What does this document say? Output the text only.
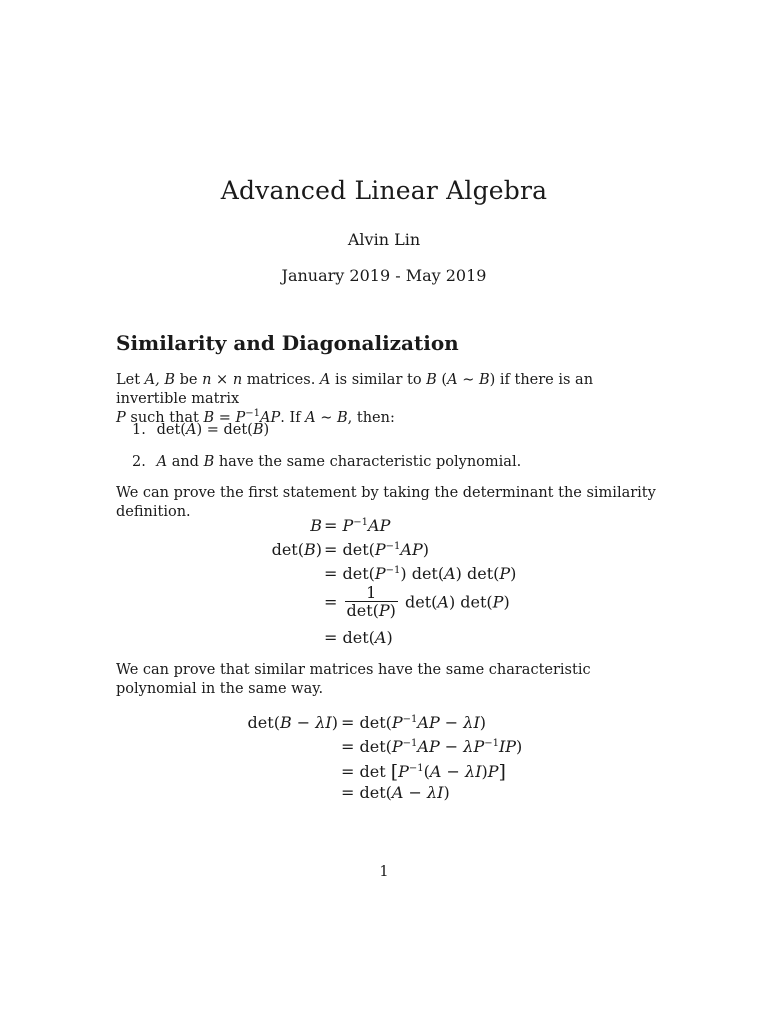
Advanced Linear Algebra
Alvin Lin
January 2019 - May 2019
Similarity and Diagonalization
Let A, B be n × n matrices. A is similar to B (A ∼ B) if there is an invertible matrix
P such that $B = P^{-1}AP$. If A ∼ B, then:
1. det(A) = det(B)
2. A and B have the same characteristic polynomial.
We can prove the first statement by taking the determinant the similarity definition.
$B = P^{-1}AP$
$\det(B) = \det(P^{-1}AP)$
= $\det(P^{-1})$ det(A) det(P)
= $\frac{1}{\det(P)} \det(A)$ det(P)
= det(A)
We can prove that similar matrices have the same characteristic polynomial in the same way.
$\det(B - \lambda I) = \det(P^{-1}AP - \lambda I)$
= $\det(P^{-1}AP - \lambda P^{-1}IP)$
= $\det [P^{-1}(A - \lambda I)P]$
= det(A − λI)
1
